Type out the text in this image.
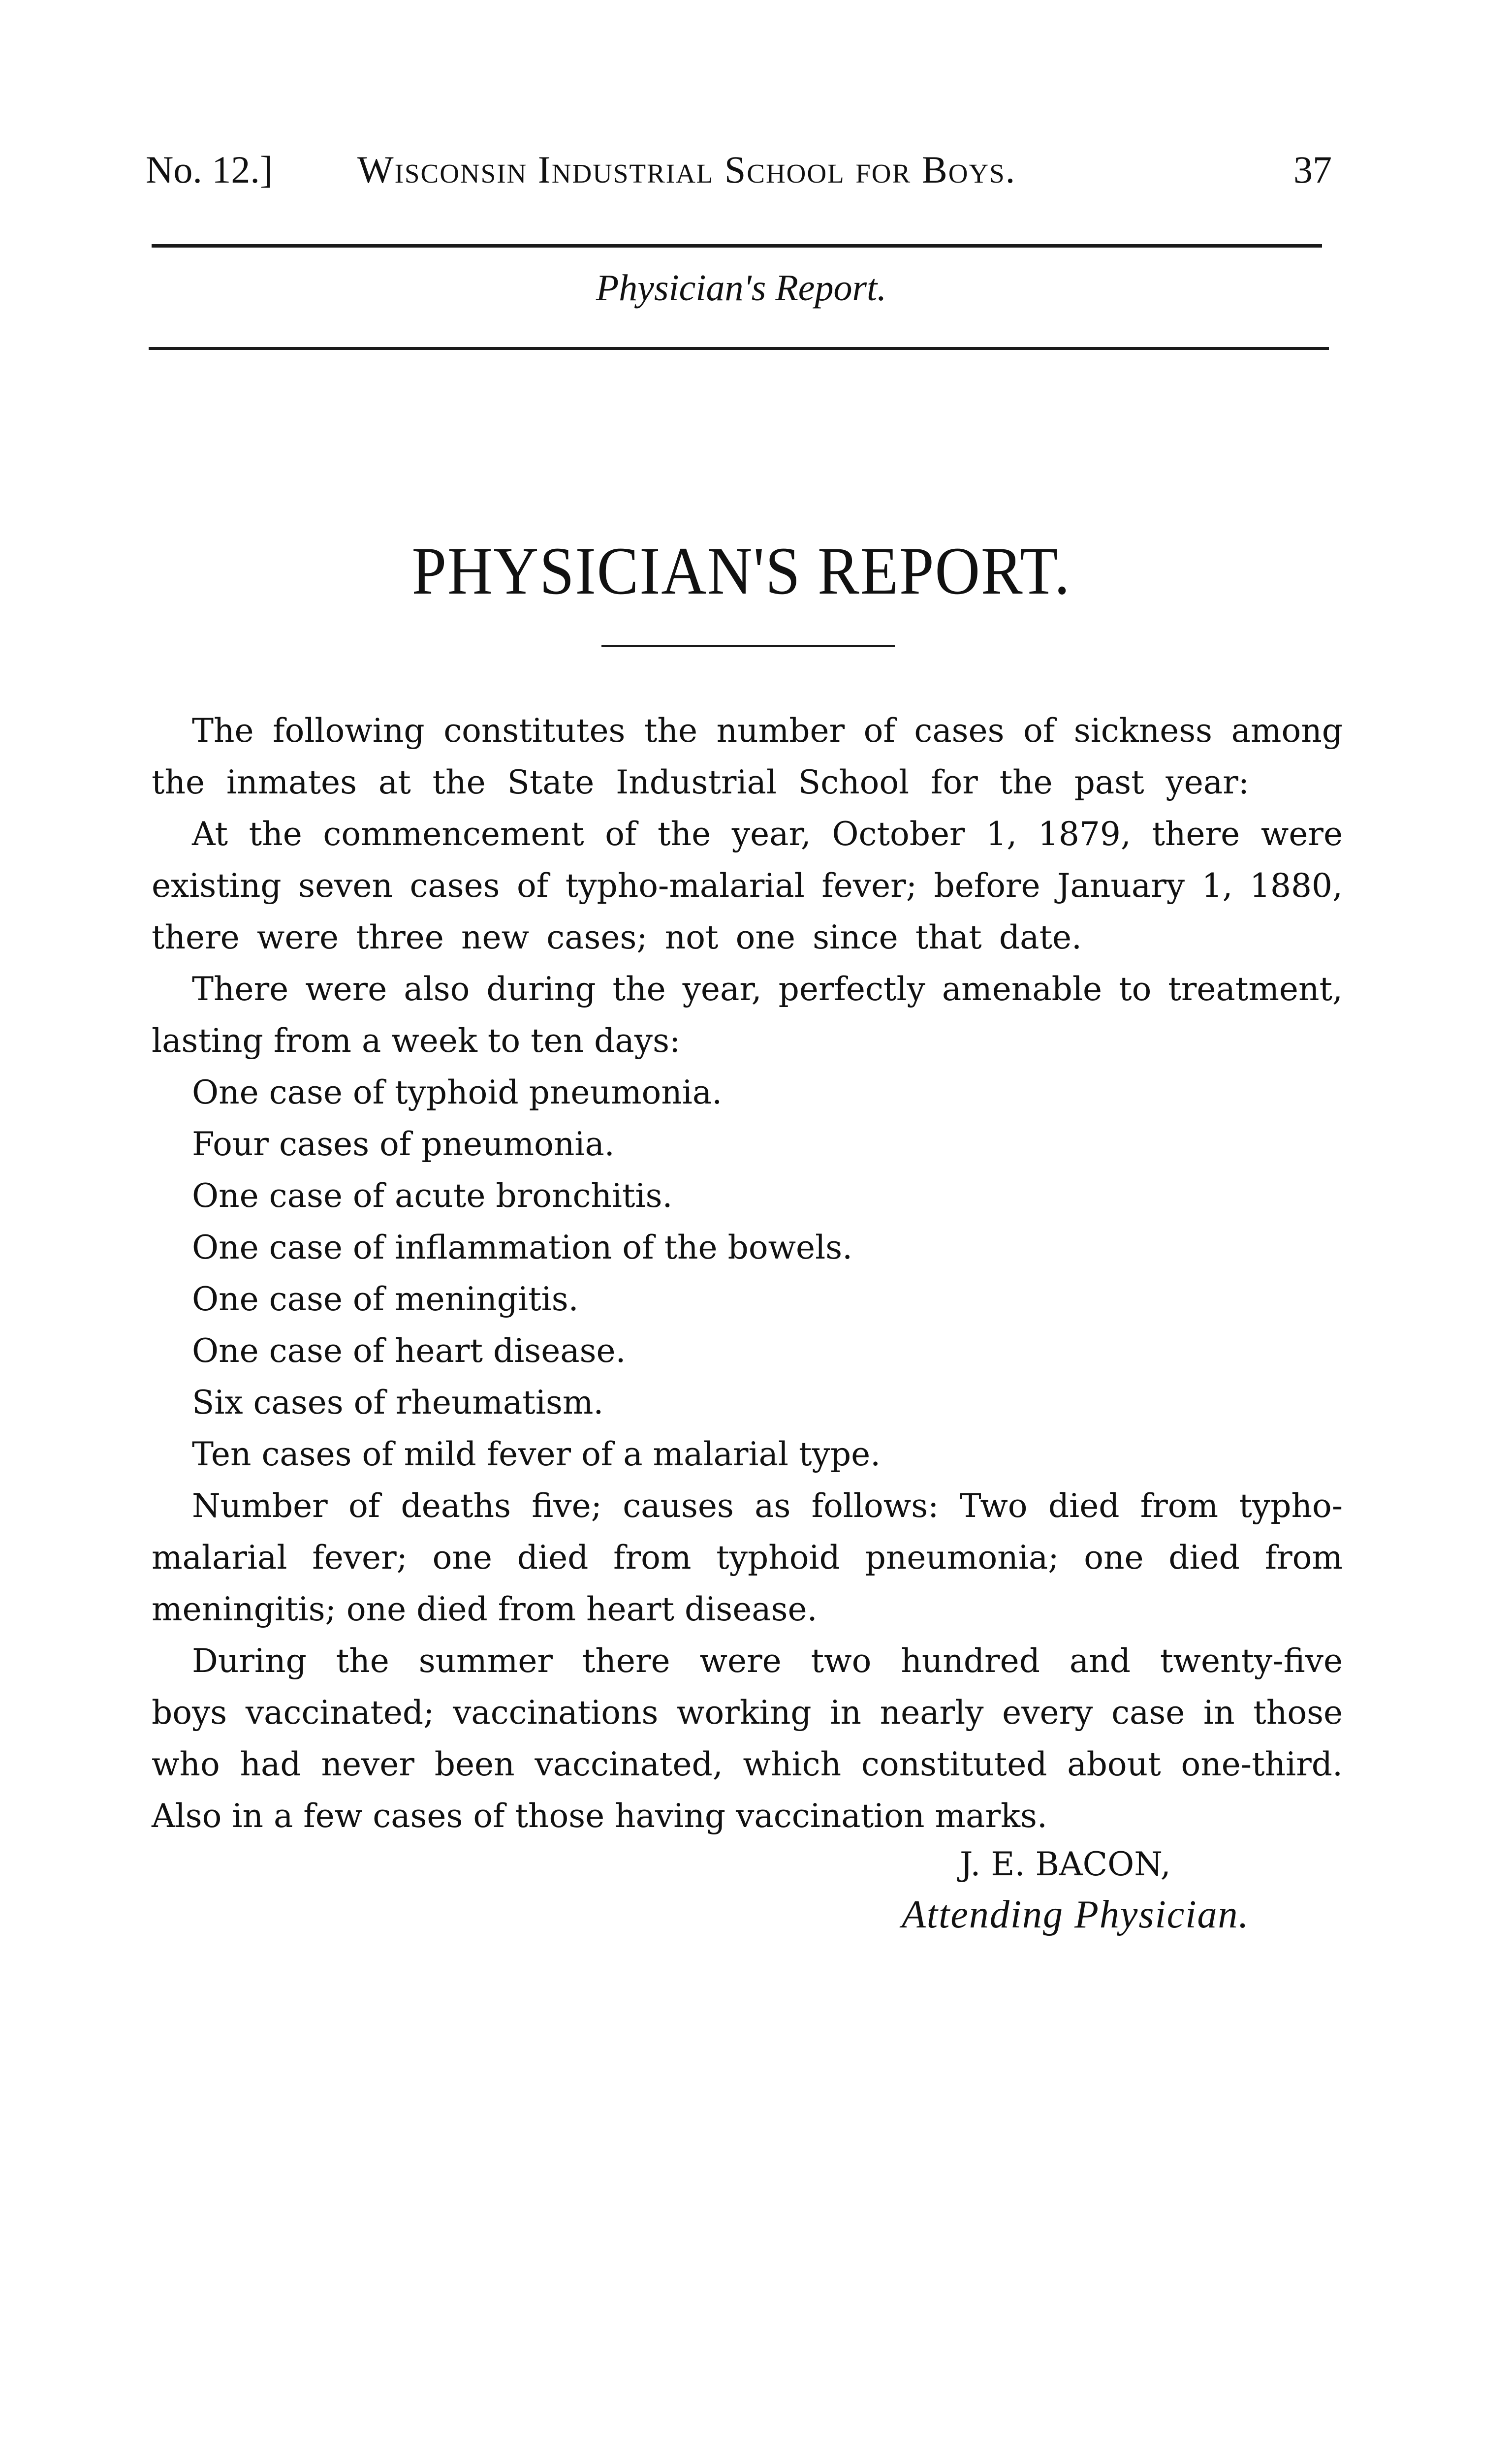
No. 12.] Wisconsin Industrial School for Boys.	37
Physician's Report.
PHYSICIAN'S REPORT.
The following constitutes the number of cases of sickness among
the inmates at the State Industrial School for the past year:
At the commencement of the year, October 1, 1879, there were
existing seven cases of typho-malarial fever; before January 1, 1880,
there were three new cases; not one since that date.
There were also during the year, perfectly amenable to treatment,
lasting from a week to ten days:
One case of typhoid pneumonia.
Four cases of pneumonia.
One case of acute bronchitis.
One case of inflammation of the bowels.
One case of meningitis.
One case of heart disease.
Six cases of rheumatism.
Ten cases of mild fever of a malarial type.
Number of deaths five; causes as follows: Two died from typho-
malarial fever; one died from typhoid pneumonia; one died from
meningitis; one died from heart disease.
During the summer there were two hundred and twenty-five
boys vaccinated; vaccinations working in nearly every case in those
who had never been vaccinated, which constituted about one-third.
Also in a few cases of those having vaccination marks.
J. E. BACON,
Attending Physician.
